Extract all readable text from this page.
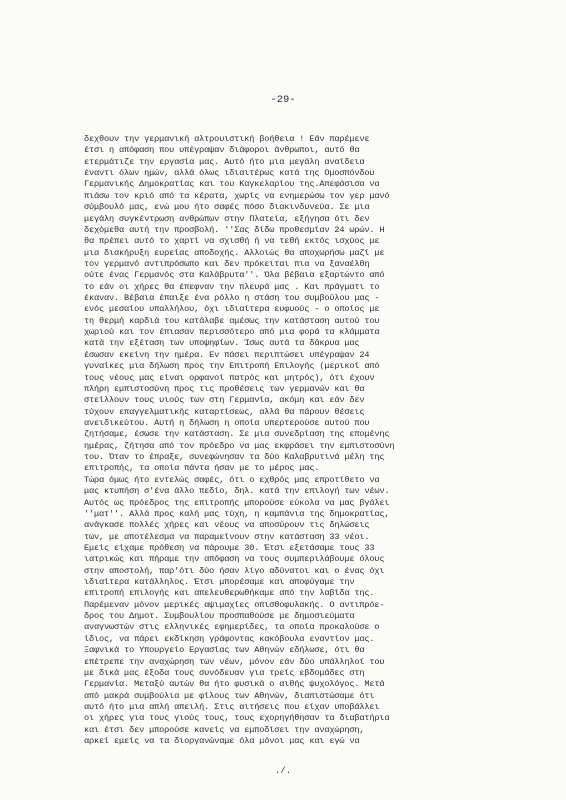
-29-
δεχθουν την γερμανική αλτρουιστική βοήθεια ! Εάν παρέμενε
έτσι η απόφαση που υπέγραψαν διάφοροι άνθρωποι, αυτό θα
ετερμάτιζε την εργασία μας. Αυτό ήτο μια μεγάλη αναίδεια
έναντι όλων ημών, αλλά όλως ιδιαιτέρως κατά της Ομοσπόνδου
Γερμανικής Δημοκρατίας και του Καγκελαρίου της.Απεφάσισα να
πιάσω τον κριό από τα κέρατα, χωρίς να ενημερώσω τον γερ μανό
σύμβουλό μας, ενώ μου ήτο σαφές πόσο διακινδυνεύα. Σε μια
μεγάλη συγκέντρωση ανθρώπων στην Πλατεία, εξήγησα ότι δεν
δεχόμεθα αυτή την προσβολή. ''Σας δίδω προθεσμίαν 24 ωρών. Η
θα πρέπει αυτό το χαρτί να σχισθή ή να τεθή εκτός ισχύος με
μια διακήρυξη ευρείας αποδοχής. Αλλοιώς θα αποχωρήσω μαζί με
τον γερμανό αντιπρόσωπο και δεν πρόκειται πια να ξαναέλθη
ούτε ένας Γερμανός στα Καλάβρυτα''. Όλα βέβαια εξαρτώντο από
το εάν οι χήρες θα έπεφναν την πλευρά μας . Και πράγματι το
έκαναν. Βέβαια έπαιξε ένα ρόλλο η στάση του συμβούλου μας -
ενός μεσαίου υπαλλήλου, όχι ιδιαίτερα ευφυούς - ο οποίος με
τη θερμή καρδιά του κατάλαβε αμέσως την κατάσταση αυτού του
χωριού και τον έπιασαν περισσότερο από μια φορά τα κλάμματα
κατά την εξέταση των υποψηφίων. Ίσως αυτά τα δάκρυα μας
έσωσαν εκείνη την ημέρα. Εν πάσει περιπτώσει υπέγραψαν 24
γυναίκες μια δήλωση προς την Επιτροπή Επιλογής (μερικοί από
τους νέους μας είναι ορφανοί πατρός και μητρός), ότι έχουν
πλήρη εμπιστοσύνη προς τις προθέσεις των γερμανών και θα
στείλλουν τους υιούς των στη Γερμανία, ακόμη και εάν δεν
τύχουν επαγγελματικής καταρτίσεως, αλλά θα πάρουν θέσεις
ανειδικεύτου. Αυτή η δήλωση η οποία υπερτερούσε αυτού που
ζητήσαμε, έσωσε την κατάσταση. Σε μια συνεδρίαση της επομένης
ημέρας, ζήτησα από τον πρόεδρο να μας εκφράσει την εμπιστοσύνη
του. Όταν το έπραξε, συνεφώνησαν τα δύο Καλαβρυτινά μέλη της
επιτροπής, τα οποία πάντα ήσαν με το μέρος μας.
Τώρα όμως ήτο εντελώς σαφές, ότι ο εχθρός μας επρoτίθετο να
μας κτυπήση σ'ένα άλλο πεδίο, δηλ. κατά την επιλογή των νέων.
Αυτός ως πρόεδρος της επιτροπής μπορούσε εύκολα να μας βγάλει
''ματ''. Αλλά προς καλή μας τύχη, η καμπάνια της δημοκρατίας,
ανάγκασε πολλές χήρες και νέους να αποσύρουν τις δηλώσεις
των, με αποτέλεσμα να παραμείνουν στην κατάσταση 33 νέοι.
Εμείς είχαμε πρόθεση να πάρουμε 30. Έτσι εξετάσαμε τους 33
ιατρικώς και πήραμε την απόφαση να τους συμπεριλάβουμε όλους
στην αποστολή, παρ'ότι δύο ήσαν λίγο αδύνατοι και ο ένας όχι
ιδιαίτερα κατάλληλος. Έτσι μπορέσαμε και αποφύγαμε την
επιτροπή επιλογής και απελευθερωθήκαμε από την λαβίδα της.
Παρέμεναν μόνον μερικές αψιμαχίες οπισθοφυλακής. Ο αντιπρόε-
δρος του Δημοτ. Συμβουλίου προσπαθούσε με δημοσιεύματα
αναγνωστών στις ελληνικές εφημερίδες, τα οποία προκαλούσε ο
ίδιος, να πάρει εκδίκηση γράφοντας κακόβουλα εναντίον μας.
Ξαφνικά το Υπουργείο Εργασίας των Αθηνών εδήλωσε, ότι θα
επέτρεπε την αναχώρηση των νέων, μόνον εάν δύο υπάλληλοί του
με δικά μας έξοδα τους συνόδευαν για τρείς εβδομάδες στη
Γερμανία. Μεταξύ αυτών θα ήτο φυσικά ο αιθής ψυχολόγος. Μετά
από μακρά συμβούλια με φίλους των Αθηνών, διαπιστώσαμε ότι
αυτό ήτο μια απλή απειλή. Στις αιτήσεις που είχαν υποβάλλει
οι χήρες για τους γιούς τους, τους εχορηγήθησαν τα διαβατήρια
και έτσι δεν μπορούσε κανείς να εμποδίσει την αναχώρηση,
αρκεί εμείς να τα διοργανώναμε όλα μόνοι μας και εγώ να
./.
